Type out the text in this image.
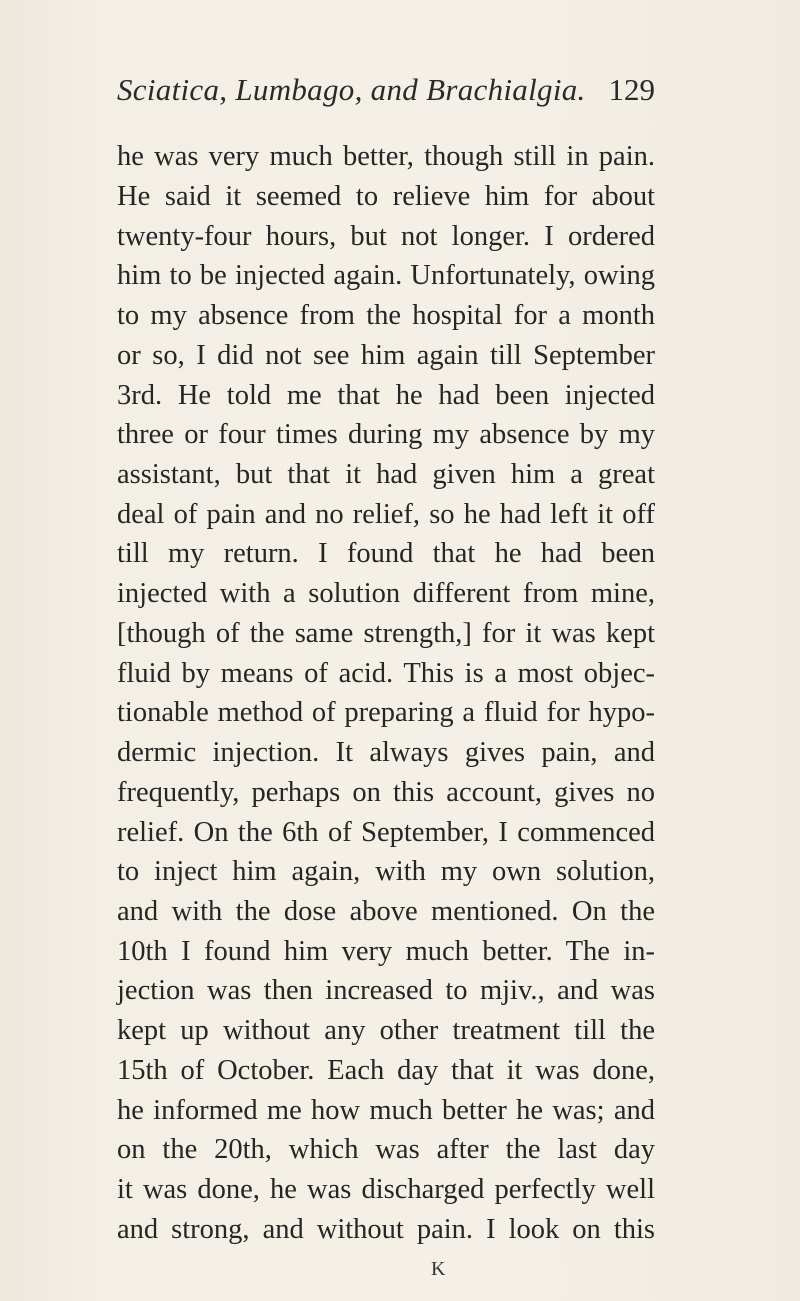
Sciatica, Lumbago, and Brachialgia. 129
he was very much better, though still in pain.
He said it seemed to relieve him for about
twenty-four hours, but not longer. I ordered
him to be injected again. Unfortunately, owing
to my absence from the hospital for a month
or so, I did not see him again till September
3rd. He told me that he had been injected
three or four times during my absence by my
assistant, but that it had given him a great
deal of pain and no relief, so he had left it off
till my return. I found that he had been
injected with a solution different from mine,
[though of the same strength,] for it was kept
fluid by means of acid. This is a most objec-
tionable method of preparing a fluid for hypo-
dermic injection. It always gives pain, and
frequently, perhaps on this account, gives no
relief. On the 6th of September, I commenced
to inject him again, with my own solution,
and with the dose above mentioned. On the
10th I found him very much better. The in-
jection was then increased to mjiv., and was
kept up without any other treatment till the
15th of October. Each day that it was done,
he informed me how much better he was; and
on the 20th, which was after the last day
it was done, he was discharged perfectly well
and strong, and without pain. I look on this
K
